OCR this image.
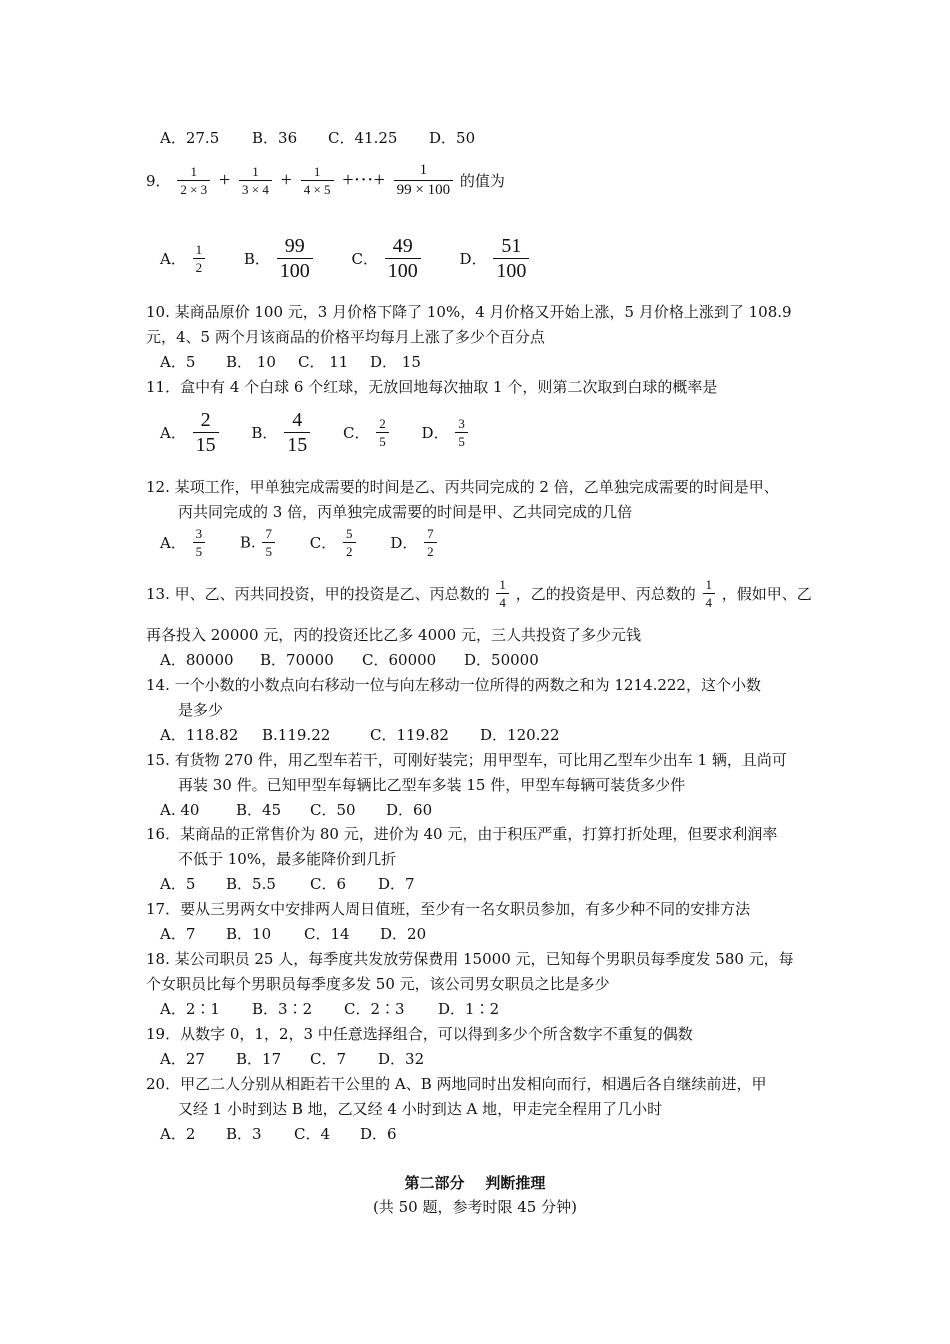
A．27.5 B．36 C．41.25 D．50
9． $\frac{1}{2 \times 3} + \frac{1}{3 \times 4} + \frac{1}{4 \times 5}$ +···+ $\frac{1}{99 \times 100}$ 的值为
A． $\frac{1}{2}$	B． $\frac{99}{100}$	C． $\frac{49}{100}$	D． $\frac{51}{100}$
10. 某商品原价 100 元，3 月价格下降了 10%，4 月价格又开始上涨，5 月价格上涨到了 108.9
元，4、5 两个月该商品的价格平均每月上涨了多少个百分点
A．5 B． 10 C． 11 D． 15
11．盒中有 4 个白球 6 个红球，无放回地每次抽取 1 个，则第二次取到白球的概率是
A． $\frac{2}{15}$ B． $\frac{4}{15}$ C． $\frac{2}{5}$ D． $\frac{3}{5}$
12. 某项工作，甲单独完成需要的时间是乙、丙共同完成的 2 倍，乙单独完成需要的时间是甲、
丙共同完成的 3 倍，丙单独完成需要的时间是甲、乙共同完成的几倍
A． $\frac{3}{5} B$. $\frac{7}{5}$ C． $\frac{5}{2}$ D． $\frac{7}{2}$
13. 甲、乙、丙共同投资，甲的投资是乙、丙总数的 $\frac{1}{4}$ ，乙的投资是甲、丙总数的 $\frac{1}{4}$ ，假如甲、乙
再各投入 20000 元，丙的投资还比乙多 4000 元，三人共投资了多少元钱
A．80000 B．70000 C．60000 D．50000
14. 一个小数的小数点向右移动一位与向左移动一位所得的两数之和为 1214.222，这个小数
是多少
A．118.82 B.119.22	C．119.82 D．120.22
15. 有货物 270 件，用乙型车若干，可刚好装完；用甲型车，可比用乙型车少出车 1 辆，且尚可
再装 30 件。已知甲型车每辆比乙型车多装 15 件，甲型车每辆可装货多少件
A. 40 B．45 C．50 D．60
16．某商品的正常售价为 80 元，进价为 40 元，由于积压严重，打算打折处理，但要求利润率
不低于 10%，最多能降价到几折
A．5 B．5.5 C．6 D．7
17．要从三男两女中安排两人周日值班，至少有一名女职员参加，有多少种不同的安排方法
A．7 B．10 C．14 D．20
18. 某公司职员 25 人，每季度共发放劳保费用 15000 元，已知每个男职员每季度发 580 元，每
个女职员比每个男职员每季度多发 50 元，该公司男女职员之比是多少
A．2∶1 B．3∶2 C．2∶3 D．1∶2
19．从数字 0，1，2，3 中任意选择组合，可以得到多少个所含数字不重复的偶数
A．27 B．17 C．7 D．32
20．甲乙二人分别从相距若干公里的 A、B 两地同时出发相向而行，相遇后各自继续前进，甲
又经 1 小时到达 B 地，乙又经 4 小时到达 A 地，甲走完全程用了几小时
A．2 B．3 C．4 D．6
第二部分    判断推理
(共 50 题，参考时限 45 分钟)
